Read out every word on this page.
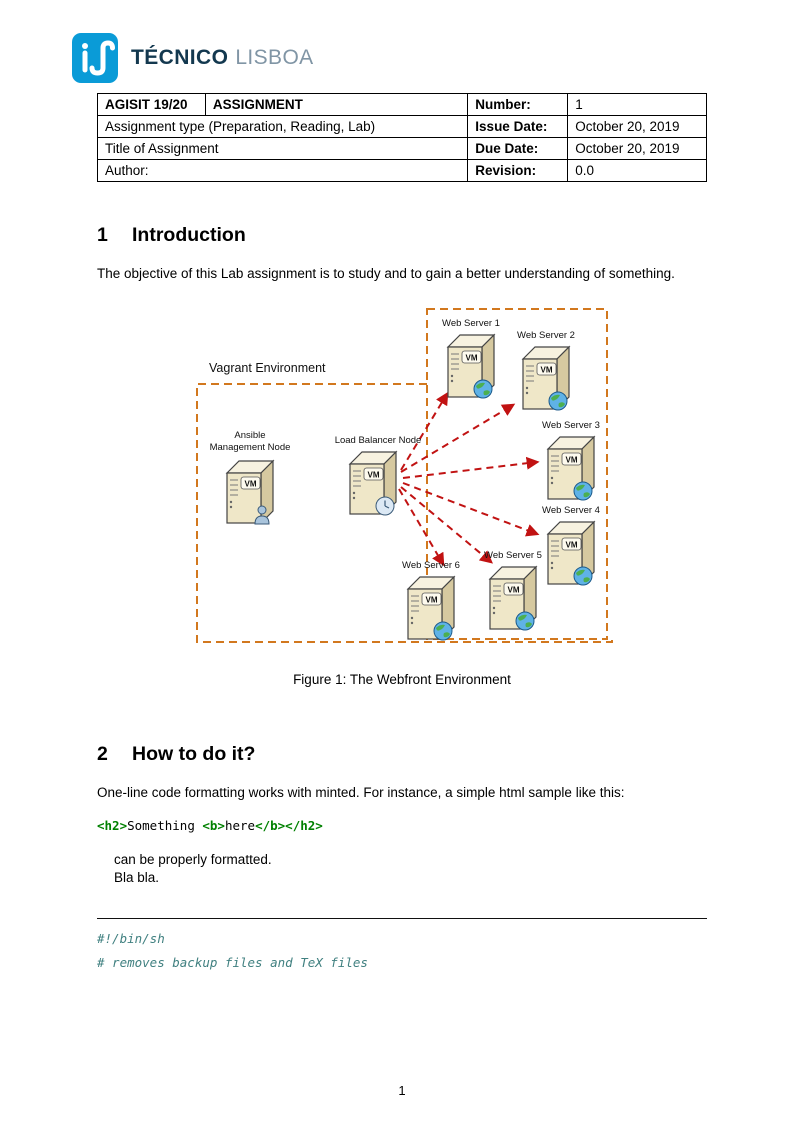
TÉCNICO LISBOA
AGISIT 19/20	ASSIGNMENT	Number:	1
Assignment type (Preparation, Reading, Lab)		Issue Date:	October 20, 2019
Title of Assignment		Due Date:	October 20, 2019
Author:		Revision:	0.0
1 Introduction

The objective of this Lab assignment is to study and to gain a better understanding of something.

VM
Vagrant Environment
Ansible
Management Node
Load Balancer Node
Web Server 1
Web Server 2
Web Server 3
Web Server 4
Web Server 5
Web Server 6
Figure 1: The Webfront Environment
2 How to do it?

One-line code formatting works with minted. For instance, a simple html sample like this:

<h2>Something <b>here</b></h2>
can be properly formatted.
Bla bla.
#!/bin/sh
# removes backup files and TeX files
1
